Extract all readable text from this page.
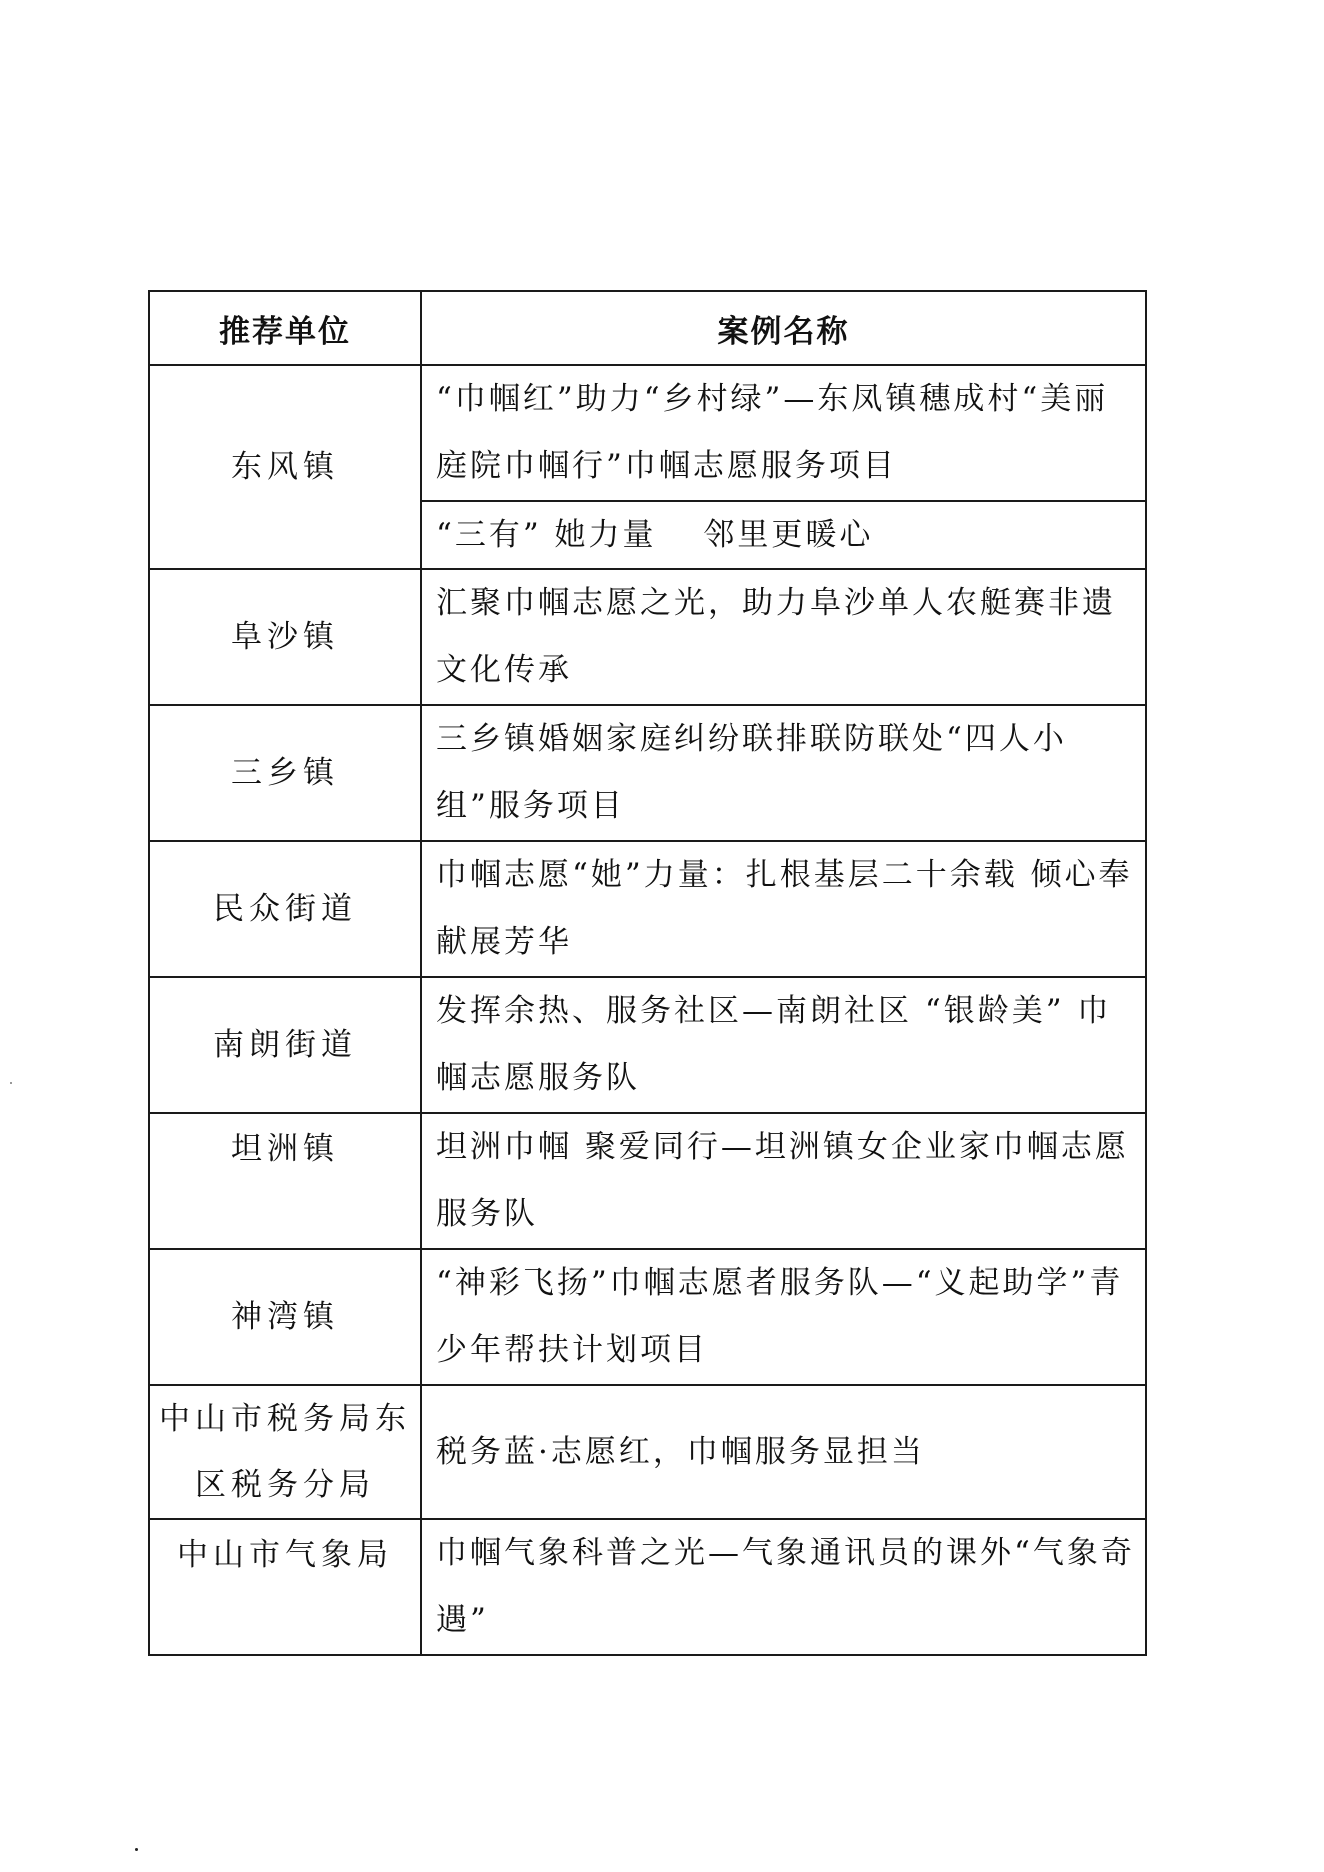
推荐单位	案例名称
东风镇	“巾帼红”助力“乡村绿”—东凤镇穗成村“美丽庭院巾帼行”巾帼志愿服务项目
	“三有” 她力量　 邻里更暖心
阜沙镇	汇聚巾帼志愿之光，助力阜沙单人农艇赛非遗文化传承
三乡镇	三乡镇婚姻家庭纠纷联排联防联处“四人小组”服务项目
民众街道	巾帼志愿“她”力量：扎根基层二十余载 倾心奉献展芳华
南朗街道	发挥余热、服务社区—南朗社区 “银龄美” 巾帼志愿服务队
坦洲镇	坦洲巾帼 聚爱同行—坦洲镇女企业家巾帼志愿服务队
神湾镇	“神彩飞扬”巾帼志愿者服务队—“义起助学”青少年帮扶计划项目
中山市税务局东区税务分局	税务蓝·志愿红，巾帼服务显担当
中山市气象局	巾帼气象科普之光—气象通讯员的课外“气象奇遇”
